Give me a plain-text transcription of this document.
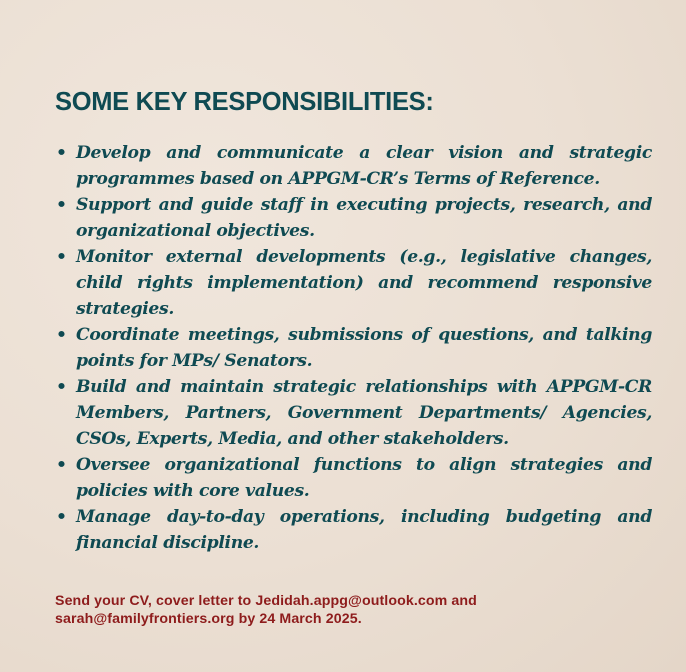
SOME KEY RESPONSIBILITIES:
• Develop and communicate a clear vision and strategic programmes based on APPGM-CR’s Terms of Reference.
• Support and guide staff in executing projects, research, and organizational objectives.
• Monitor external developments (e.g., legislative changes, child rights implementation) and recommend responsive strategies.
• Coordinate meetings, submissions of questions, and talking points for MPs/ Senators.
• Build and maintain strategic relationships with APPGM-CR Members, Partners, Government Departments/ Agencies, CSOs, Experts, Media, and other stakeholders.
• Oversee organizational functions to align strategies and policies with core values.
• Manage day-to-day operations, including budgeting and financial discipline.

Send your CV, cover letter to Jedidah.appg@outlook.com and sarah@familyfrontiers.org by 24 March 2025.
